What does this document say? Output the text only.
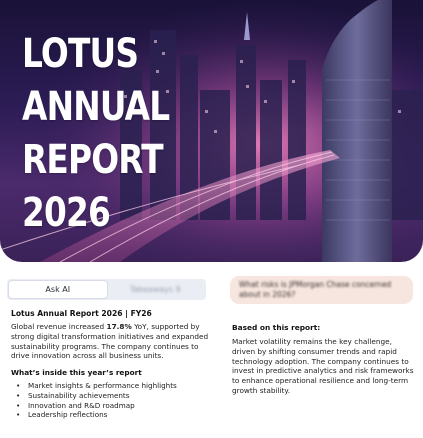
LOTUS ANNUAL REPORT 2026
Ask AI	Takeaways 9

Lotus Annual Report 2026 | FY26

Global revenue increased 17.8% YoY, supported by strong digital transformation initiatives and expanded sustainability programs. The company continues to drive innovation across all business units.

What’s inside this year’s report

• Market insights & performance highlights
• Sustainability achievements
• Innovation and R&D roadmap
• Leadership reflections
What risks is JPMorgan Chase concerned about in 2026?

Based on this report:

Market volatility remains the key challenge, driven by shifting consumer trends and rapid technology adoption. The company continues to invest in predictive analytics and risk frameworks to enhance operational resilience and long-term growth stability.
